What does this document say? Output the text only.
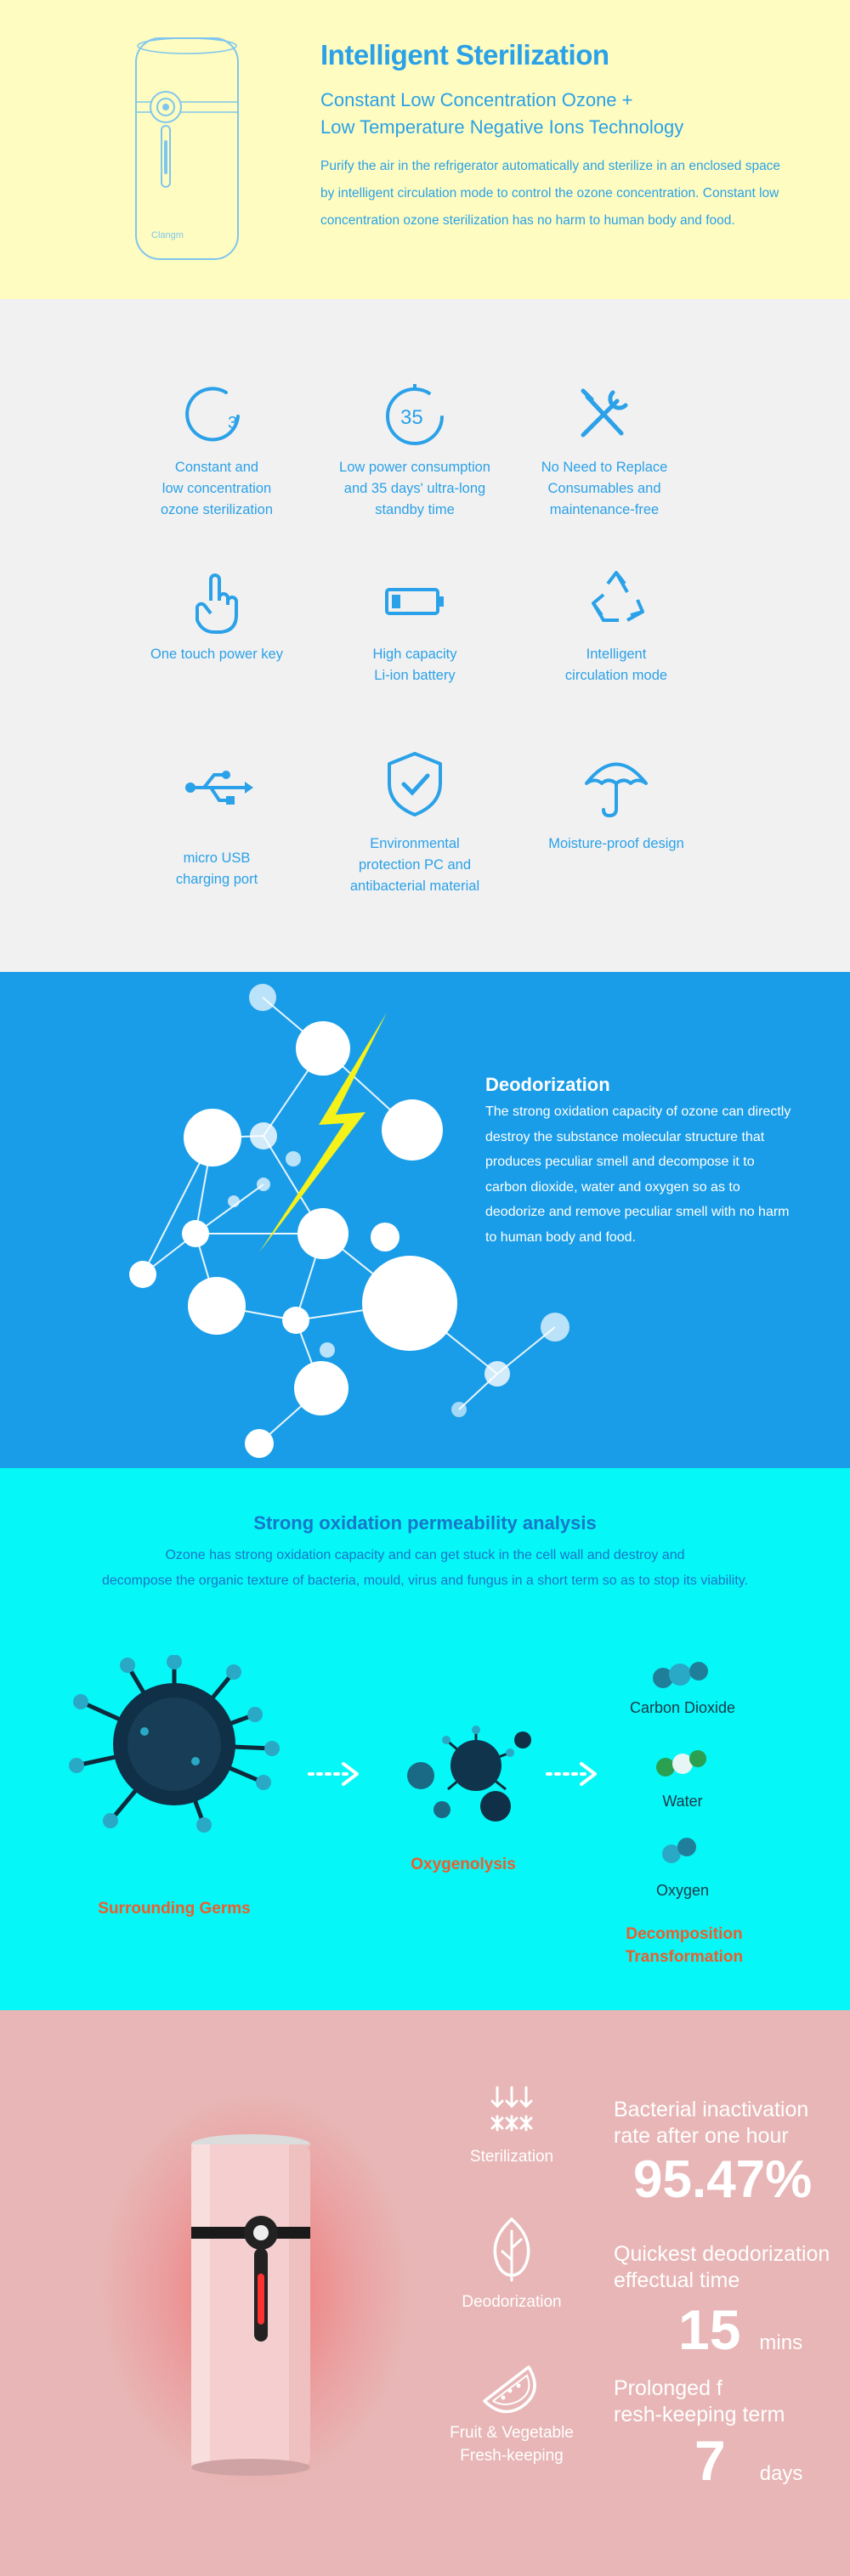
Clangm
Intelligent Sterilization
Constant Low Concentration Ozone +
Low Temperature Negative Ions Technology
Purify the air in the refrigerator automatically and sterilize in an enclosed space by intelligent circulation mode to control the ozone concentration. Constant low concentration ozone sterilization has no harm to human body and food.
3
Constant and
low concentration
ozone sterilization
35
Low power consumption
and 35 days' ultra-long
standby time
No Need to Replace
Consumables and
maintenance-free
One touch power key	High capacity
Li-ion battery
Intelligent
circulation mode
micro USB
charging port
Environmental
protection PC and
antibacterial material
Moisture-proof design
Deodorization
The strong oxidation capacity of ozone can directly destroy the substance molecular structure that produces peculiar smell and decompose it to carbon dioxide, water and oxygen so as to deodorize and remove peculiar smell with no harm to human body and food.
Strong oxidation permeability analysis
Ozone has strong oxidation capacity and can get stuck in the cell wall and destroy and
decompose the organic texture of bacteria, mould, virus and fungus in a short term so as to stop its viability.
Surrounding Germs
Oxygenolysis
Carbon Dioxide
Water
Oxygen
Decomposition
Transformation
Sterilization
Deodorization
Fruit & Vegetable
Fresh-keeping
Bacterial inactivation
rate after one hour
95.47%
Quickest deodorization
effectual time
15 mins
Prolonged f
resh-keeping term
7 days
